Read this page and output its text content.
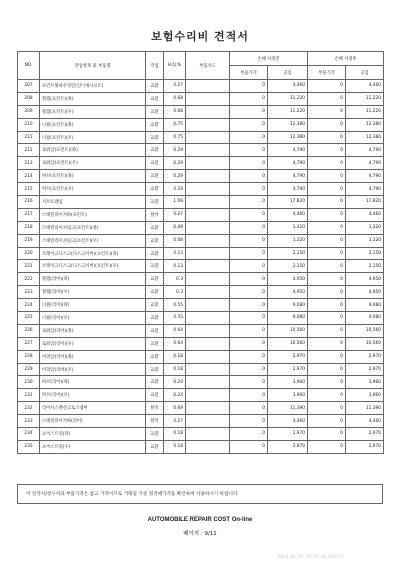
보험수리비 견적서
NO.	작업항목 및 부품명	작업	H.Q.%	부품코드	손해 사정전		손해 사정후	
					부품가격	공임	부품가격	공임
207	프런트휠하우징안(인너섀시프트)	교환	0.27		0	4,460	0	4,460
208	휠캡(프런트)(좌)	교환	0.68		0	11,220	0	11,220
209	휠캡(프런트)(우)	교환	0.68		0	11,220	0	11,220
210	너클(프런트)(좌)	교환	0.75		0	12,380	0	12,380
211	너클(프런트)(우)	교환	0.75		0	12,380	0	12,380
212	로워암(프런트)(좌)	교환	0.29		0	4,790	0	4,790
213	로워암(프런트)(우)	교환	0.29		0	4,790	0	4,790
214	허브(프런트)(좌)	교환	0.29		0	4,790	0	4,790
215	허브(프런트)(우)	교환	0.29		0	4,790	0	4,790
216	서브프레임	교환	1.08		0	17,820	0	17,820
217	스태빌라이저바(프런트)	탈착	0.27		0	4,460	0	4,460
218	스태빌라이저링크(프런트)(좌)	교환	0.08		0	1,320	0	1,320
219	스태빌라이저링크(프런트)(우)	교환	0.08		0	1,320	0	1,320
220	브레이크디스크(디스크커버)(프런트)(좌)	교환	0.13		0	2,150	0	2,150
221	브레이크디스크(디스크커버)(프런트)(우)	교환	0.13		0	2,150	0	2,150
222	휠캡(리어)(좌)	교환	0.3		0	4,950	0	4,950
223	휠캡(리어)(우)	교환	0.3		0	4,950	0	4,950
224	너클(리어)(좌)	교환	0.55		0	9,080	0	9,080
225	너클(리어)(우)	교환	0.55		0	9,080	0	9,080
226	로워암(리어)(좌)	교환	0.64		0	10,560	0	10,560
227	로워암(리어)(우)	교환	0.64		0	10,560	0	10,560
228	어퍼암(리어)(좌)	교환	0.18		0	2,970	0	2,970
229	어퍼암(리어)(우)	교환	0.18		0	2,970	0	2,970
230	허브(리어)(좌)	교환	0.24		0	3,960	0	3,960
231	허브(리어)(우)	교환	0.24		0	3,960	0	3,960
232	리어서스펜션크로스멤버	탈착	0.69		0	11,390	0	11,390
233	스태빌라이저바(리어)	탈착	0.27		0	4,460	0	4,460
234	쇼어스트럿(좌)	교환	0.18		0	2,970	0	2,970
235	쇼어스트럿(우)	교환	0.18		0	2,970	0	2,970
이 견적서/청구서의 부품가격은 참고 가격이므로 거래일 기준 정격매가격을 확인하여 사용하시기 바랍니다.
AUTOMOBILE REPAIR COST On-line
페이지 : 9/11
2024-06-05 10:32:40 A11273
